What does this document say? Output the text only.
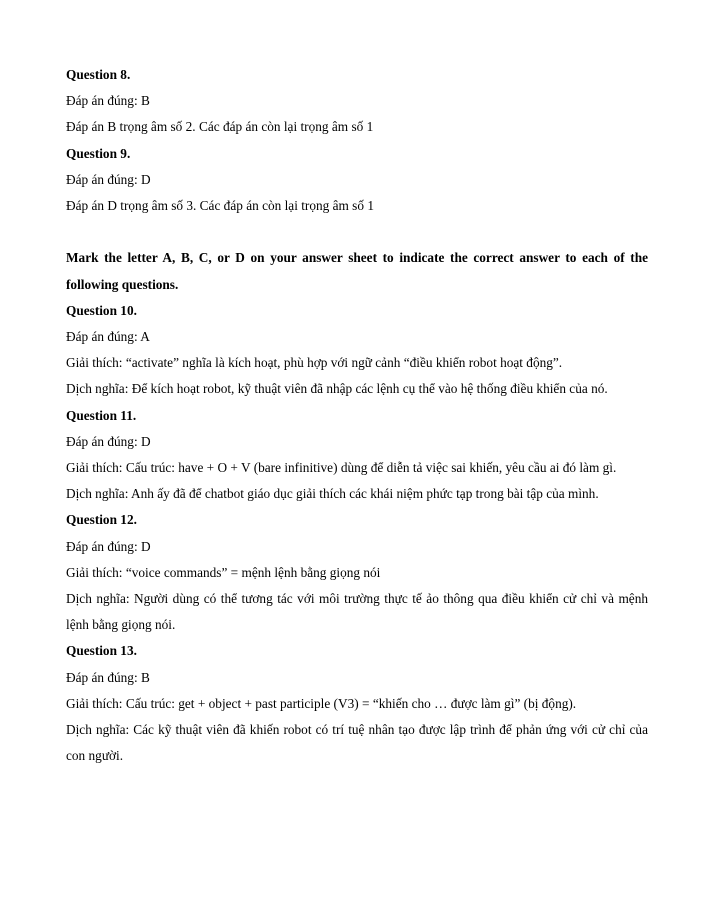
Question 8.
Đáp án đúng: B
Đáp án B trọng âm số 2. Các đáp án còn lại trọng âm số 1
Question 9.
Đáp án đúng: D
Đáp án D trọng âm số 3. Các đáp án còn lại trọng âm số 1
Mark the letter A, B, C, or D on your answer sheet to indicate the correct answer to each of the following questions.
Question 10.
Đáp án đúng: A
Giải thích: “activate” nghĩa là kích hoạt, phù hợp với ngữ cảnh “điều khiển robot hoạt động”.
Dịch nghĩa: Để kích hoạt robot, kỹ thuật viên đã nhập các lệnh cụ thể vào hệ thống điều khiển của nó.
Question 11.
Đáp án đúng: D
Giải thích: Cấu trúc: have + O + V (bare infinitive) dùng để diễn tả việc sai khiến, yêu cầu ai đó làm gì.
Dịch nghĩa: Anh ấy đã để chatbot giáo dục giải thích các khái niệm phức tạp trong bài tập của mình.
Question 12.
Đáp án đúng: D
Giải thích: “voice commands” = mệnh lệnh bằng giọng nói
Dịch nghĩa: Người dùng có thể tương tác với môi trường thực tế ảo thông qua điều khiển cử chỉ và mệnh lệnh bằng giọng nói.
Question 13.
Đáp án đúng: B
Giải thích: Cấu trúc: get + object + past participle (V3) = “khiến cho … được làm gì” (bị động).
Dịch nghĩa: Các kỹ thuật viên đã khiến robot có trí tuệ nhân tạo được lập trình để phản ứng với cử chỉ của con người.
